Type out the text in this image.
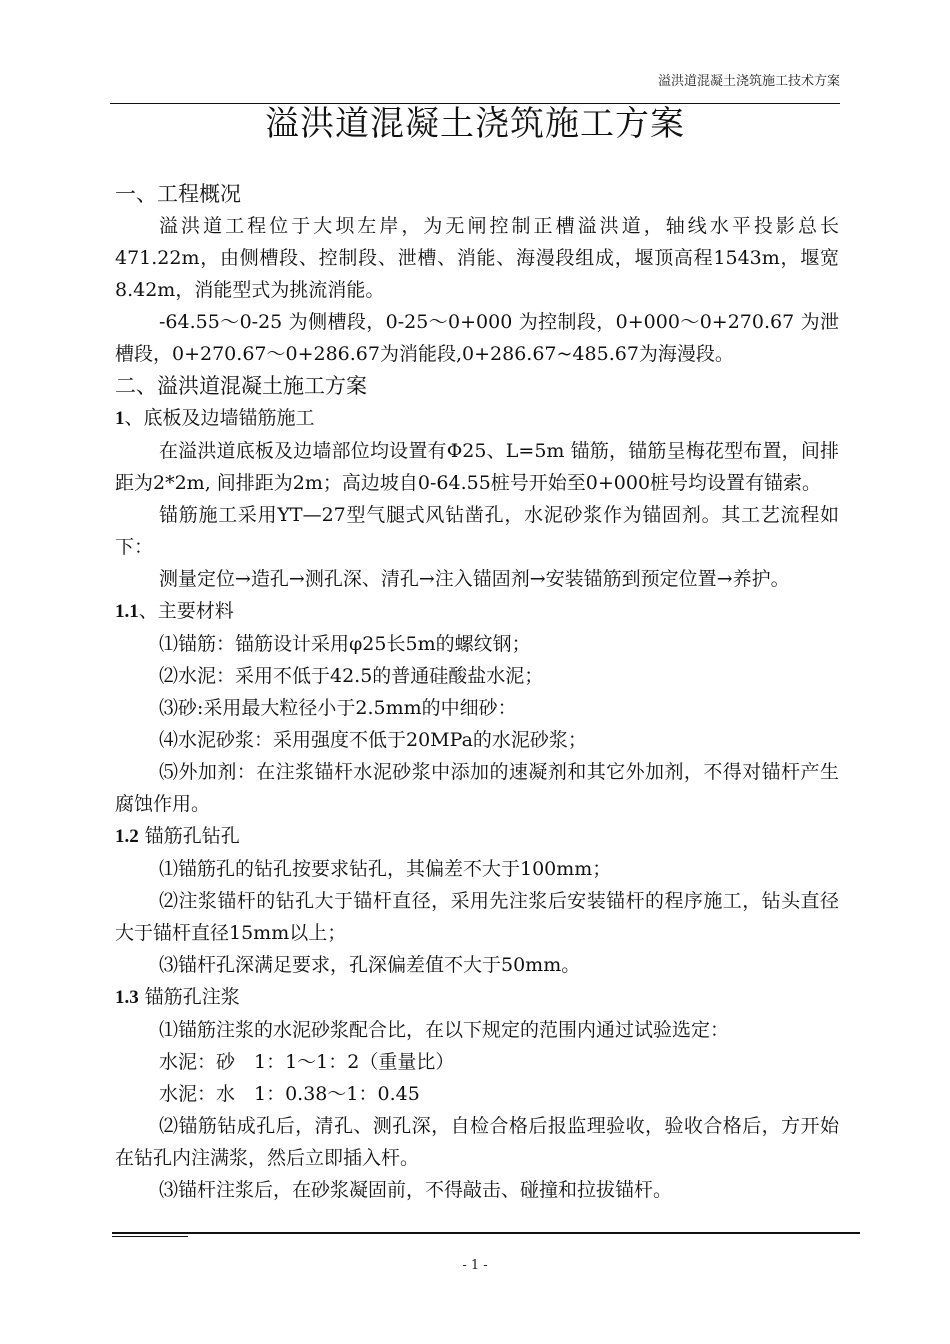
溢洪道混凝土浇筑施工技术方案
溢洪道混凝土浇筑施工方案
一、工程概况

溢洪道工程位于大坝左岸，为无闸控制正槽溢洪道，轴线水平投影总长471.22m，由侧槽段、控制段、泄槽、消能、海漫段组成，堰顶高程1543m，堰宽8.42m，消能型式为挑流消能。

-64.55～0-25 为侧槽段，0-25～0+000 为控制段，0+000～0+270.67 为泄槽段，0+270.67～0+286.67为消能段,0+286.67~485.67为海漫段。

二、溢洪道混凝土施工方案
1、底板及边墙锚筋施工

在溢洪道底板及边墙部位均设置有Φ25、L=5m 锚筋，锚筋呈梅花型布置，间排距为2*2m, 间排距为2m；高边坡自0-64.55桩号开始至0+000桩号均设置有锚索。

锚筋施工采用YT—27型气腿式风钻凿孔，水泥砂浆作为锚固剂。其工艺流程如下：

测量定位→造孔→测孔深、清孔→注入锚固剂→安装锚筋到预定位置→养护。

1.1、主要材料

⑴锚筋：锚筋设计采用φ25长5m的螺纹钢；

⑵水泥：采用不低于42.5的普通硅酸盐水泥；

⑶砂:采用最大粒径小于2.5mm的中细砂：

⑷水泥砂浆：采用强度不低于20MPa的水泥砂浆；

⑸外加剂：在注浆锚杆水泥砂浆中添加的速凝剂和其它外加剂，不得对锚杆产生腐蚀作用。

1.2 锚筋孔钻孔

⑴锚筋孔的钻孔按要求钻孔，其偏差不大于100mm；

⑵注浆锚杆的钻孔大于锚杆直径，采用先注浆后安装锚杆的程序施工，钻头直径大于锚杆直径15mm以上；

⑶锚杆孔深满足要求，孔深偏差值不大于50mm。

1.3 锚筋孔注浆

⑴锚筋注浆的水泥砂浆配合比，在以下规定的范围内通过试验选定：

水泥：砂　1：1～1：2（重量比）

水泥：水　1：0.38～1：0.45

⑵锚筋钻成孔后，清孔、测孔深，自检合格后报监理验收，验收合格后，方开始在钻孔内注满浆，然后立即插入杆。

⑶锚杆注浆后，在砂浆凝固前，不得敲击、碰撞和拉拔锚杆。

- 1 -
